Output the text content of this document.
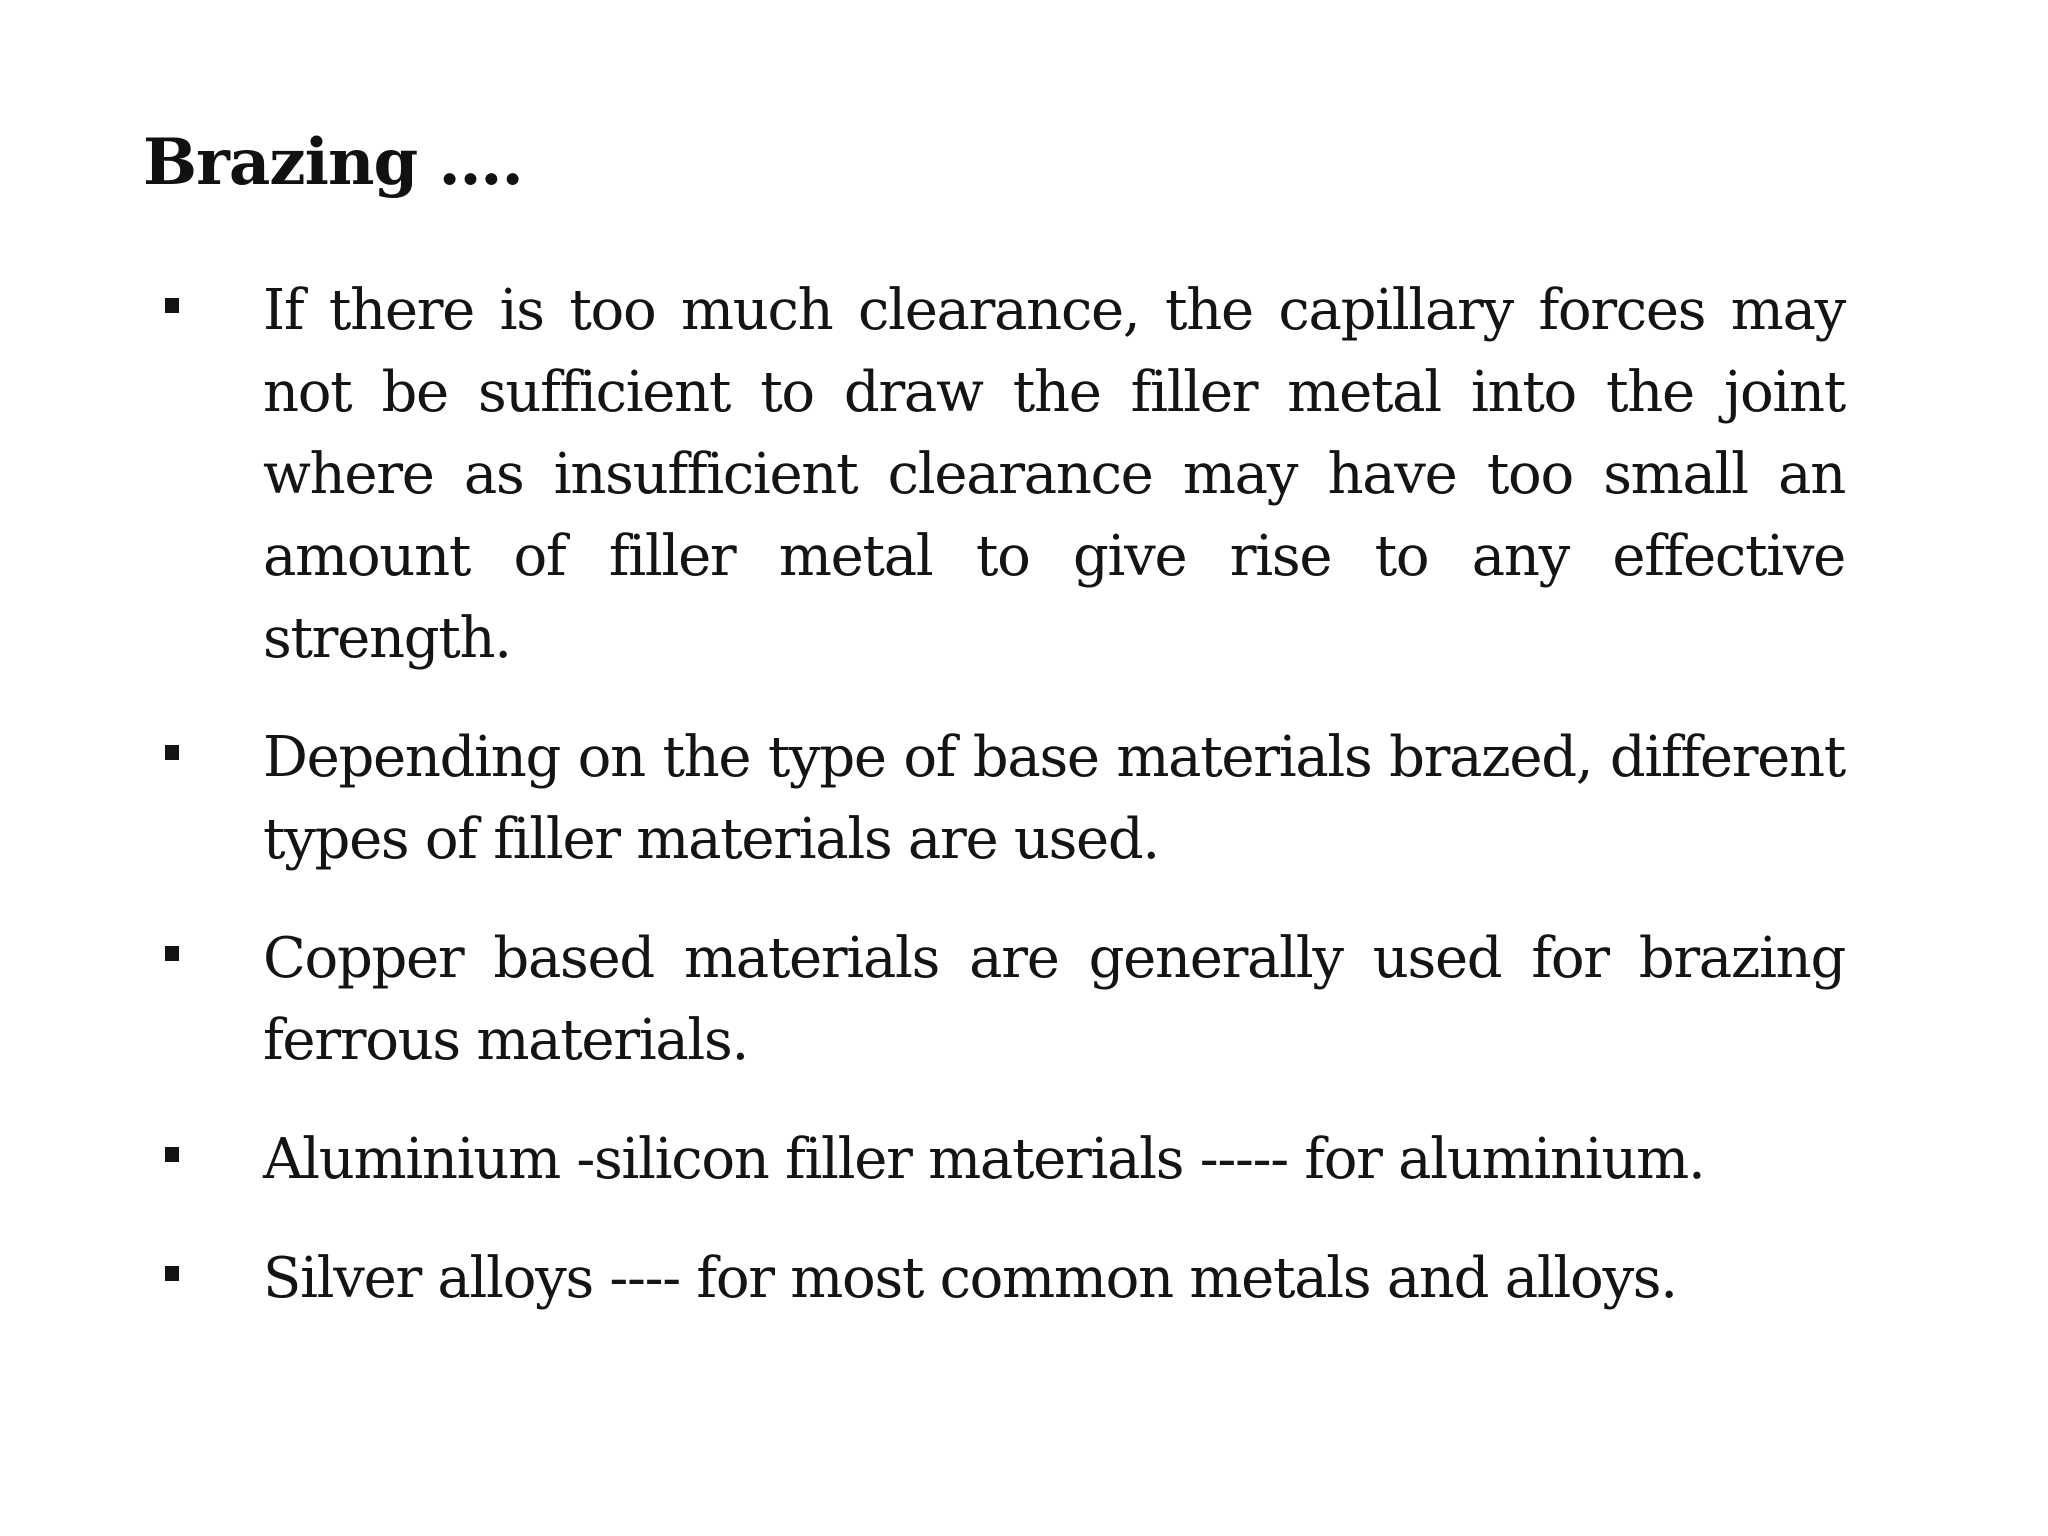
Brazing ….
If there is too much clearance, the capillary forces may not be sufficient to draw the filler metal into the joint where as insufficient clearance may have too small an amount of filler metal to give rise to any effective strength.
Depending on the type of base materials brazed, different types of filler materials are used.
Copper based materials are generally used for brazing ferrous materials.
Aluminium -silicon filler materials ----- for aluminium.
Silver alloys ---- for most common metals and alloys.
